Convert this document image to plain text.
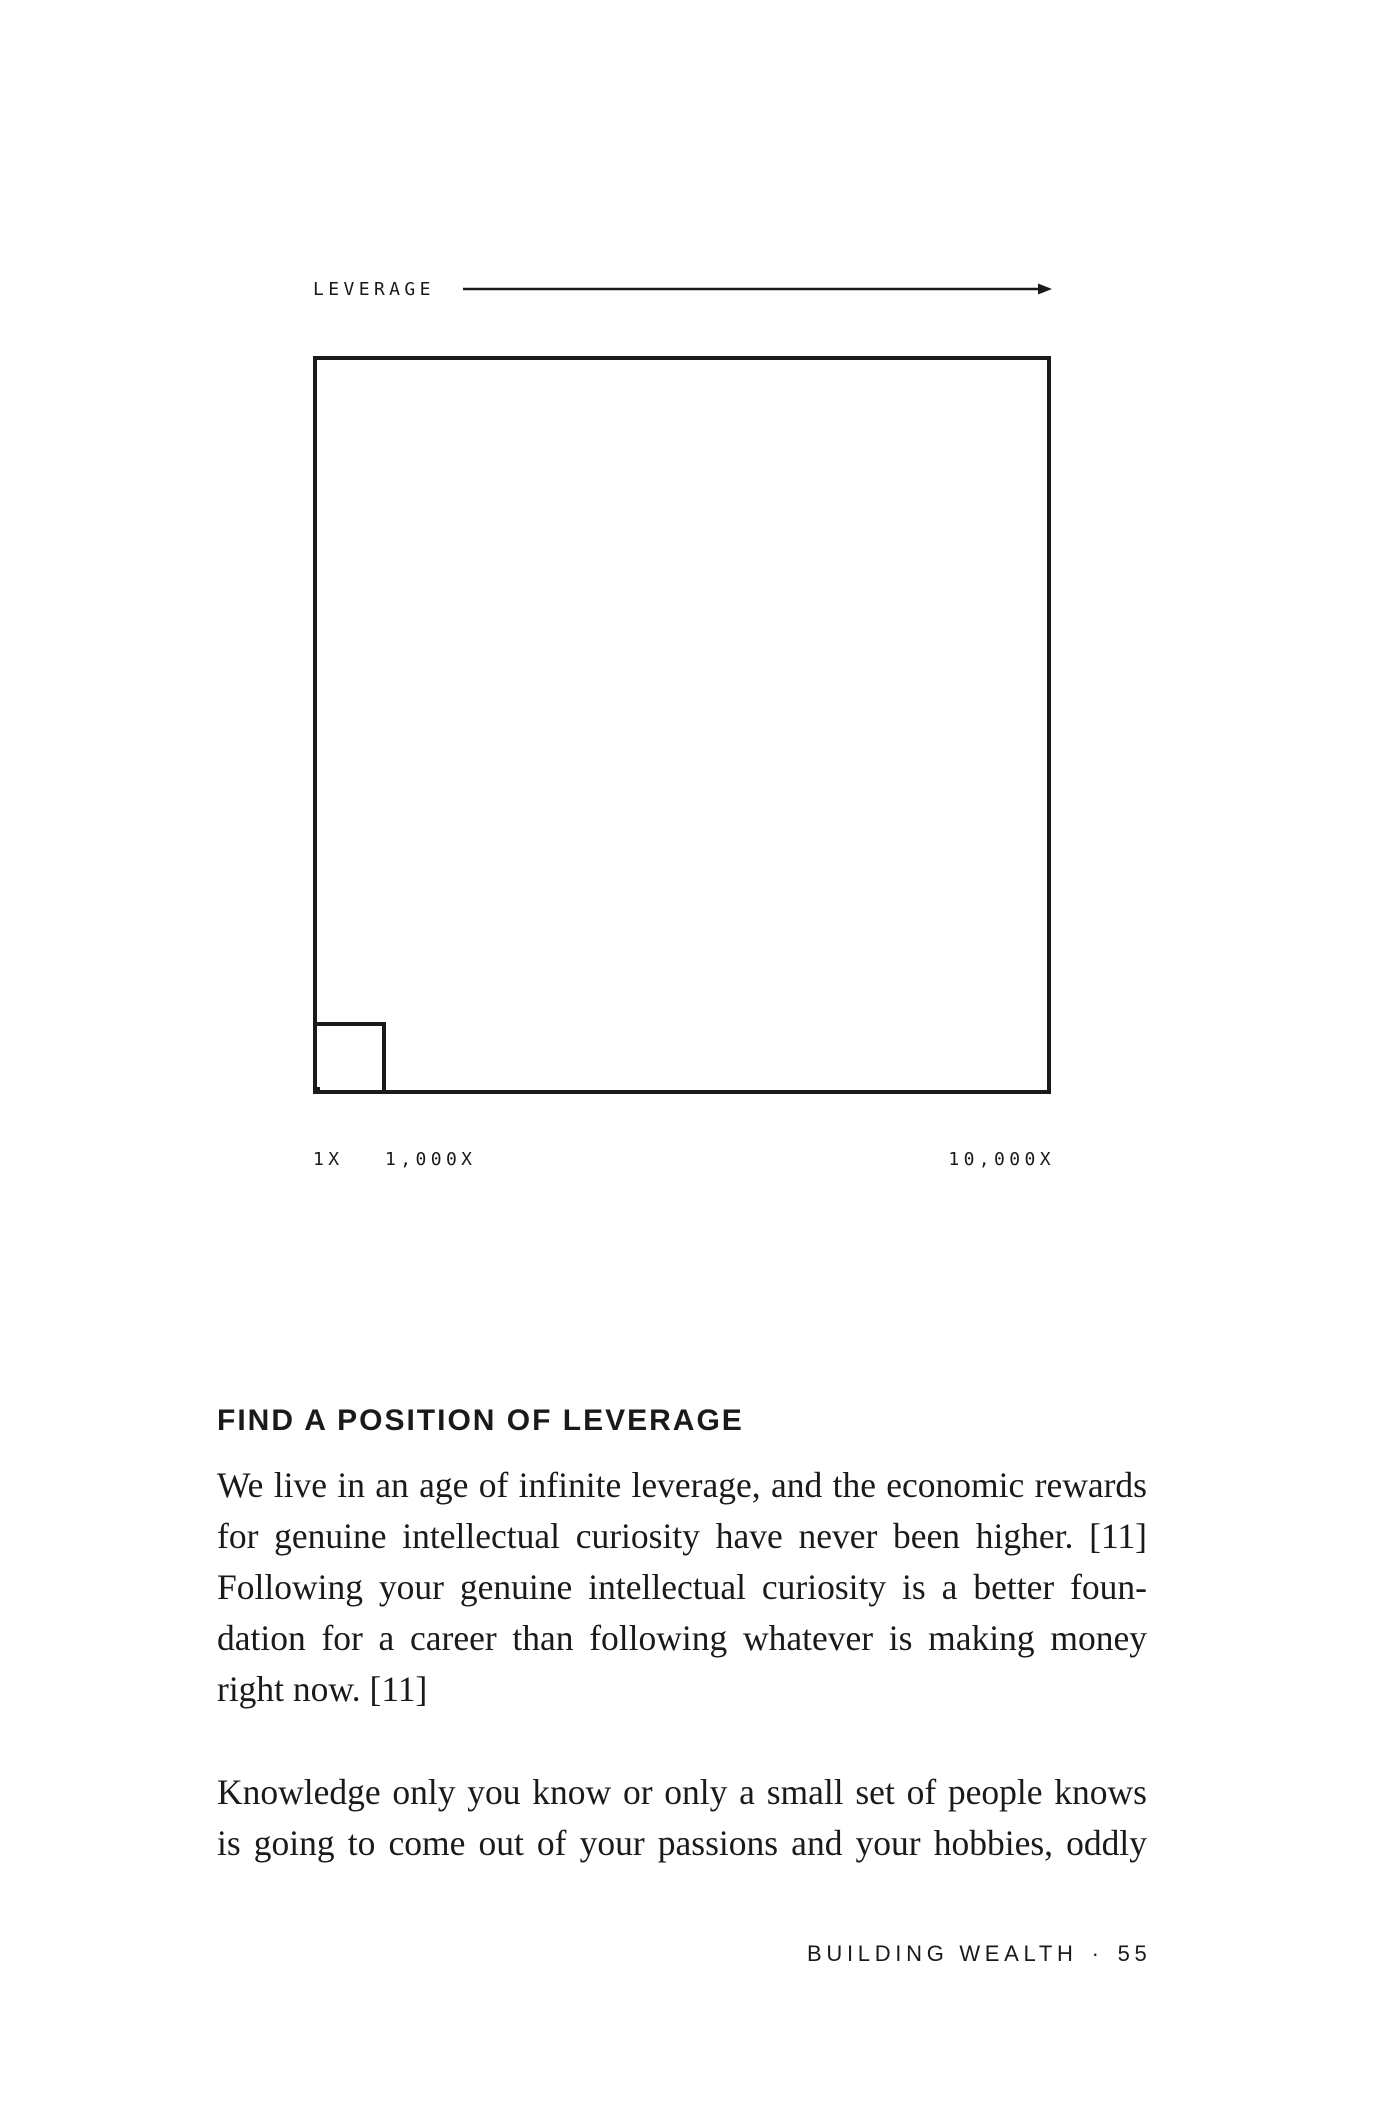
LEVERAGE
1X 1,000X	10,000X
FIND A POSITION OF LEVERAGE

We live in an age of infinite leverage, and the economic rewards
for genuine intellectual curiosity have never been higher. [11]
Following your genuine intellectual curiosity is a better foun-
dation for a career than following whatever is making money
right now. [11]

Knowledge only you know or only a small set of people knows
is going to come out of your passions and your hobbies, oddly

BUILDING WEALTH · 55
